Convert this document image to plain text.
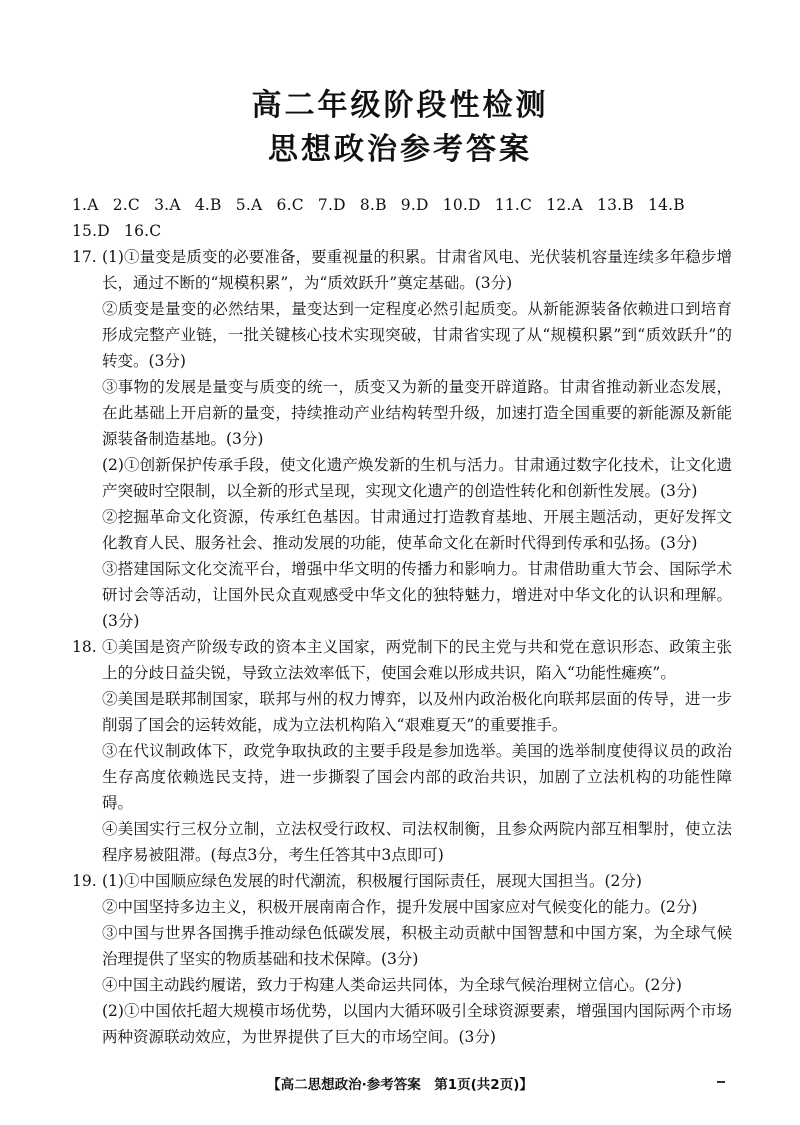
高二年级阶段性检测
思想政治参考答案
1.A 2.C 3.A 4.B 5.A 6.C 7.D 8.B 9.D 10.D 11.C 12.A 13.B 14.B 15.D 16.C
17. (1)①量变是质变的必要准备，要重视量的积累。甘肃省风电、光伏装机容量连续多年稳步增长，通过不断的“规模积累”，为“质效跃升”奠定基础。(3分)

②质变是量变的必然结果，量变达到一定程度必然引起质变。从新能源装备依赖进口到培育形成完整产业链，一批关键核心技术实现突破，甘肃省实现了从“规模积累”到“质效跃升”的转变。(3分)

③事物的发展是量变与质变的统一，质变又为新的量变开辟道路。甘肃省推动新业态发展，在此基础上开启新的量变，持续推动产业结构转型升级，加速打造全国重要的新能源及新能源装备制造基地。(3分)

(2)①创新保护传承手段，使文化遗产焕发新的生机与活力。甘肃通过数字化技术，让文化遗产突破时空限制，以全新的形式呈现，实现文化遗产的创造性转化和创新性发展。(3分)

②挖掘革命文化资源，传承红色基因。甘肃通过打造教育基地、开展主题活动，更好发挥文化教育人民、服务社会、推动发展的功能，使革命文化在新时代得到传承和弘扬。(3分)

③搭建国际文化交流平台，增强中华文明的传播力和影响力。甘肃借助重大节会、国际学术研讨会等活动，让国外民众直观感受中华文化的独特魅力，增进对中华文化的认识和理解。(3分)

18. ①美国是资产阶级专政的资本主义国家，两党制下的民主党与共和党在意识形态、政策主张上的分歧日益尖锐，导致立法效率低下，使国会难以形成共识，陷入“功能性瘫痪”。

②美国是联邦制国家，联邦与州的权力博弈，以及州内政治极化向联邦层面的传导，进一步削弱了国会的运转效能，成为立法机构陷入“艰难夏天”的重要推手。

③在代议制政体下，政党争取执政的主要手段是参加选举。美国的选举制度使得议员的政治生存高度依赖选民支持，进一步撕裂了国会内部的政治共识，加剧了立法机构的功能性障碍。

④美国实行三权分立制，立法权受行政权、司法权制衡，且参众两院内部互相掣肘，使立法程序易被阻滞。(每点3分，考生任答其中3点即可)

19. (1)①中国顺应绿色发展的时代潮流，积极履行国际责任，展现大国担当。(2分)

②中国坚持多边主义，积极开展南南合作，提升发展中国家应对气候变化的能力。(2分)

③中国与世界各国携手推动绿色低碳发展，积极主动贡献中国智慧和中国方案，为全球气候治理提供了坚实的物质基础和技术保障。(3分)

④中国主动践约履诺，致力于构建人类命运共同体，为全球气候治理树立信心。(2分)

(2)①中国依托超大规模市场优势，以国内大循环吸引全球资源要素，增强国内国际两个市场两种资源联动效应，为世界提供了巨大的市场空间。(3分)

【高二思想政治·参考答案　第1页(共2页)】
